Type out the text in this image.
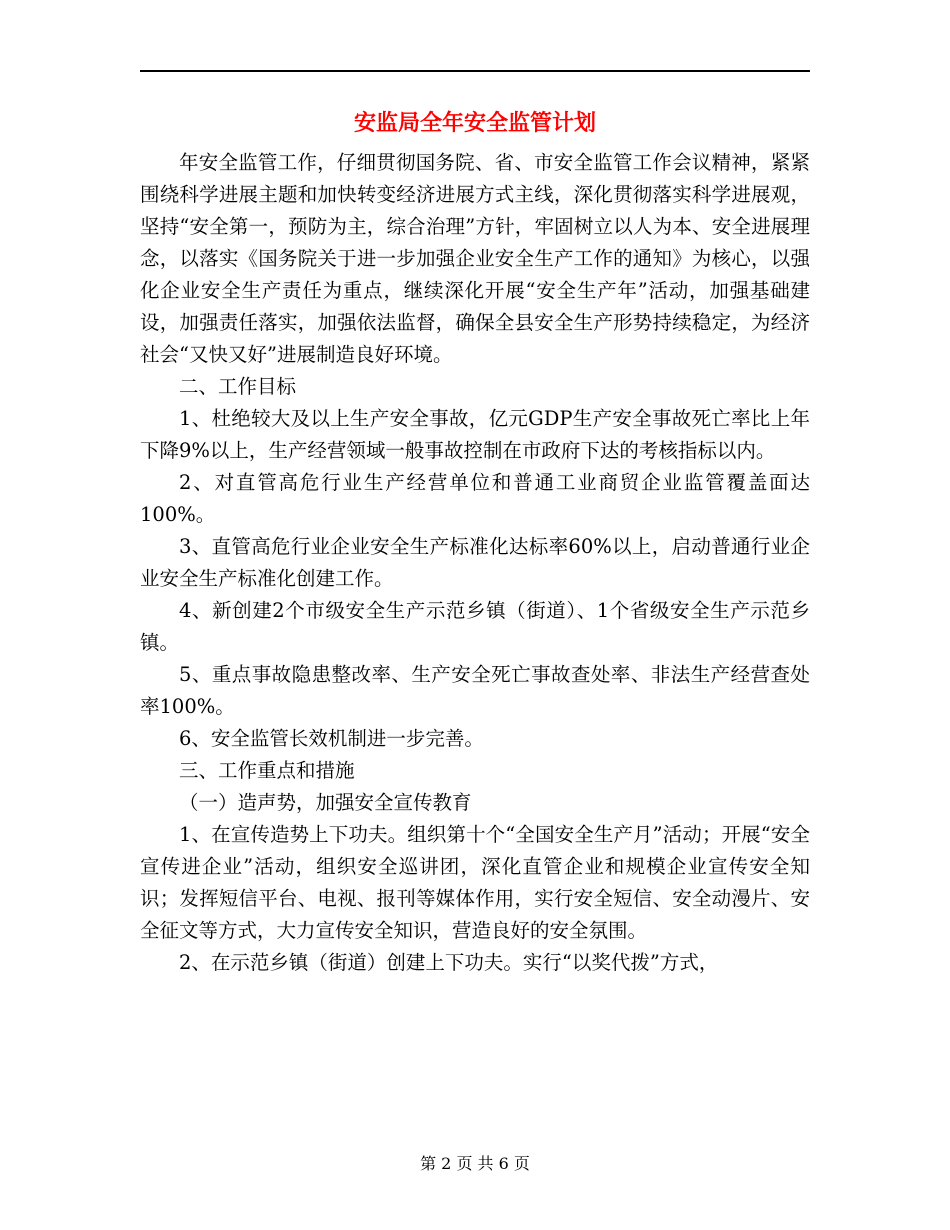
安监局全年安全监管计划

年安全监管工作，仔细贯彻国务院、省、市安全监管工作会议精神，紧紧围绕科学进展主题和加快转变经济进展方式主线，深化贯彻落实科学进展观，坚持“安全第一，预防为主，综合治理”方针，牢固树立以人为本、安全进展理念，以落实《国务院关于进一步加强企业安全生产工作的通知》为核心，以强化企业安全生产责任为重点，继续深化开展“安全生产年”活动，加强基础建设，加强责任落实，加强依法监督，确保全县安全生产形势持续稳定，为经济社会“又快又好”进展制造良好环境。

二、工作目标

1、杜绝较大及以上生产安全事故，亿元GDP生产安全事故死亡率比上年下降9%以上，生产经营领域一般事故控制在市政府下达的考核指标以内。

2、对直管高危行业生产经营单位和普通工业商贸企业监管覆盖面达100%。

3、直管高危行业企业安全生产标准化达标率60%以上，启动普通行业企业安全生产标准化创建工作。

4、新创建2个市级安全生产示范乡镇（街道）、1个省级安全生产示范乡镇。

5、重点事故隐患整改率、生产安全死亡事故查处率、非法生产经营查处率100%。

6、安全监管长效机制进一步完善。

三、工作重点和措施

（一）造声势，加强安全宣传教育

1、在宣传造势上下功夫。组织第十个“全国安全生产月”活动；开展“安全宣传进企业”活动，组织安全巡讲团，深化直管企业和规模企业宣传安全知识；发挥短信平台、电视、报刊等媒体作用，实行安全短信、安全动漫片、安全征文等方式，大力宣传安全知识，营造良好的安全氛围。

2、在示范乡镇（街道）创建上下功夫。实行“以奖代拨”方式，

第 2 页 共 6 页
